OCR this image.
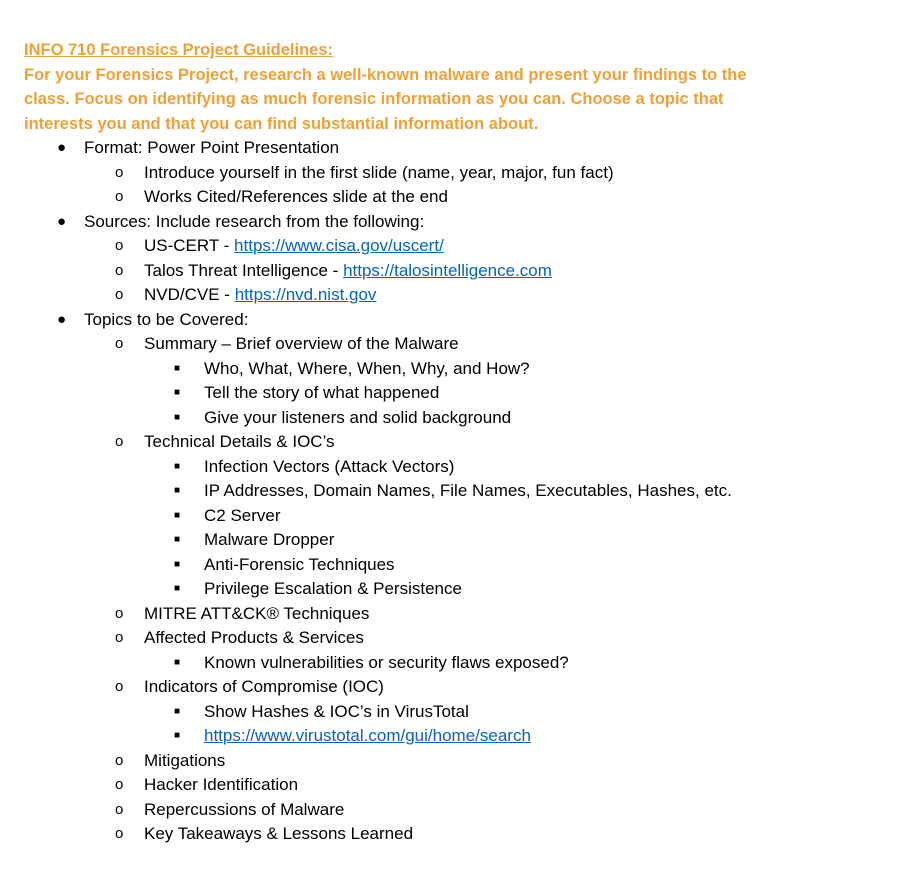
INFO 710 Forensics Project Guidelines:
For your Forensics Project, research a well-known malware and present your findings to the
class. Focus on identifying as much forensic information as you can. Choose a topic that
interests you and that you can find substantial information about.
● Format: Power Point Presentation
o Introduce yourself in the first slide (name, year, major, fun fact)
o Works Cited/References slide at the end
● Sources: Include research from the following:
o US-CERT - https://www.cisa.gov/uscert/
o Talos Threat Intelligence - https://talosintelligence.com
o NVD/CVE - https://nvd.nist.gov
● Topics to be Covered:
o Summary – Brief overview of the Malware
■ Who, What, Where, When, Why, and How?
■ Tell the story of what happened
■ Give your listeners and solid background
o Technical Details & IOC’s
■ Infection Vectors (Attack Vectors)
■ IP Addresses, Domain Names, File Names, Executables, Hashes, etc.
■ C2 Server
■ Malware Dropper
■ Anti-Forensic Techniques
■ Privilege Escalation & Persistence
o MITRE ATT&CK® Techniques
o Affected Products & Services
■ Known vulnerabilities or security flaws exposed?
o Indicators of Compromise (IOC)
■ Show Hashes & IOC’s in VirusTotal
■ https://www.virustotal.com/gui/home/search
o Mitigations
o Hacker Identification
o Repercussions of Malware
o Key Takeaways & Lessons Learned
